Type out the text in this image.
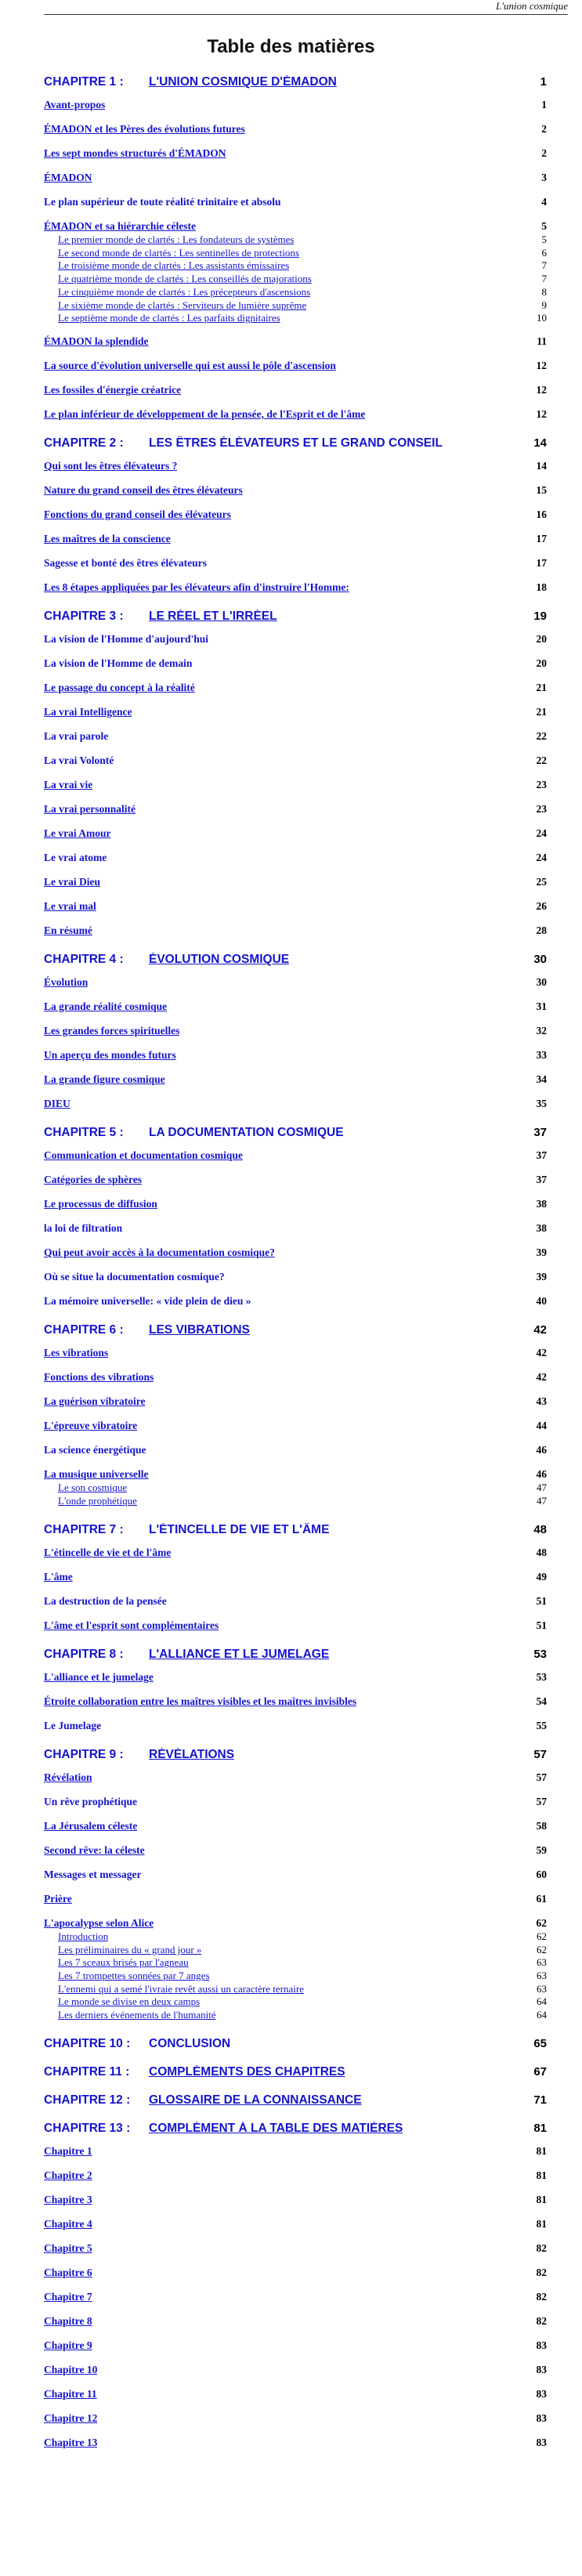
L'union cosmique
Table des matières
CHAPITRE 1 : L'UNION COSMIQUE D'ÉMADON	1
Avant-propos	1
ÉMADON et les Pères des évolutions futures	2
Les sept mondes structurés d'ÉMADON	2
ÉMADON	3
Le plan supérieur de toute réalité trinitaire et absolu	4
ÉMADON et sa hiérarchie céleste	5
Le premier monde de clartés : Les fondateurs de systèmes	5
Le second monde de clartés : Les sentinelles de protections	6
Le troisième monde de clartés : Les assistants émissaires	7
Le quatrième monde de clartés : Les conseillés de majorations	7
Le cinquième monde de clartés : Les précepteurs d'ascensions	8
Le sixième monde de clartés : Serviteurs de lumière suprême	9
Le septième monde de clartés : Les parfaits dignitaires	10
ÉMADON la splendide	11
La source d'évolution universelle qui est aussi le pôle d'ascension	12
Les fossiles d'énergie créatrice	12
Le plan inférieur de développement de la pensée, de l'Esprit et de l'âme	12
CHAPITRE 2 : LES ÊTRES ÉLÉVATEURS ET LE GRAND CONSEIL	14
Qui sont les êtres élévateurs ?	14
Nature du grand conseil des êtres élévateurs	15
Fonctions du grand conseil des élévateurs	16
Les maîtres de la conscience	17
Sagesse et bonté des êtres élévateurs	17
Les 8 étapes appliquées par les élévateurs afin d'instruire l'Homme:	18
CHAPITRE 3 : LE RÉEL ET L'IRRÉEL	19
La vision de l'Homme d'aujourd'hui	20
La vision de l'Homme de demain	20
Le passage du concept à la réalité	21
La vrai Intelligence	21
La vrai parole	22
La vrai Volonté	22
La vrai vie	23
La vrai personnalité	23
Le vrai Amour	24
Le vrai atome	24
Le vrai Dieu	25
Le vrai mal	26
En résumé	28
CHAPITRE 4 : ÉVOLUTION COSMIQUE	30
Évolution	30
La grande réalité cosmique	31
Les grandes forces spirituelles	32
Un aperçu des mondes futurs	33
La grande figure cosmique	34
DIEU	35
CHAPITRE 5 : LA DOCUMENTATION COSMIQUE	37
Communication et documentation cosmique	37
Catégories de sphères	37
Le processus de diffusion	38
la loi de filtration	38
Qui peut avoir accès à la documentation cosmique?	39
Où se situe la documentation cosmique?	39
La mémoire universelle: « vide plein de dieu »	40
CHAPITRE 6 : LES VIBRATIONS	42
Les vibrations	42
Fonctions des vibrations	42
La guérison vibratoire	43
L'épreuve vibratoire	44
La science énergétique	46
La musique universelle	46
Le son cosmique	47
L'onde prophétique	47
CHAPITRE 7 : L'ÉTINCELLE DE VIE ET L'ÂME	48
L'étincelle de vie et de l'âme	48
L'âme	49
La destruction de la pensée	51
L'âme et l'esprit sont complémentaires	51
CHAPITRE 8 : L'ALLIANCE ET LE JUMELAGE	53
L'alliance et le jumelage	53
Étroite collaboration entre les maîtres visibles et les maîtres invisibles	54
Le Jumelage	55
CHAPITRE 9 : RÉVÉLATIONS	57
Révélation	57
Un rêve prophétique	57
La Jérusalem céleste	58
Second rêve: la céleste	59
Messages et messager	60
Prière	61
L'apocalypse selon Alice	62
Introduction	62
Les préliminaires du « grand jour »	62
Les 7 sceaux brisés par l'agneau	63
Les 7 trompettes sonnées par 7 anges	63
L'ennemi qui a semé l'ivraie revêt aussi un caractère ternaire	63
Le monde se divise en deux camps	64
Les derniers événements de l'humanité	64
CHAPITRE 10 : CONCLUSION	65
CHAPITRE 11 : COMPLÉMENTS DES CHAPITRES	67
CHAPITRE 12 : GLOSSAIRE DE LA CONNAISSANCE	71
CHAPITRE 13 : COMPLÉMENT À LA TABLE DES MATIÈRES	81
Chapitre 1	81
Chapitre 2	81
Chapitre 3	81
Chapitre 4	81
Chapitre 5	82
Chapitre 6	82
Chapitre 7	82
Chapitre 8	82
Chapitre 9	83
Chapitre 10	83
Chapitre 11	83
Chapitre 12	83
Chapitre 13	83
